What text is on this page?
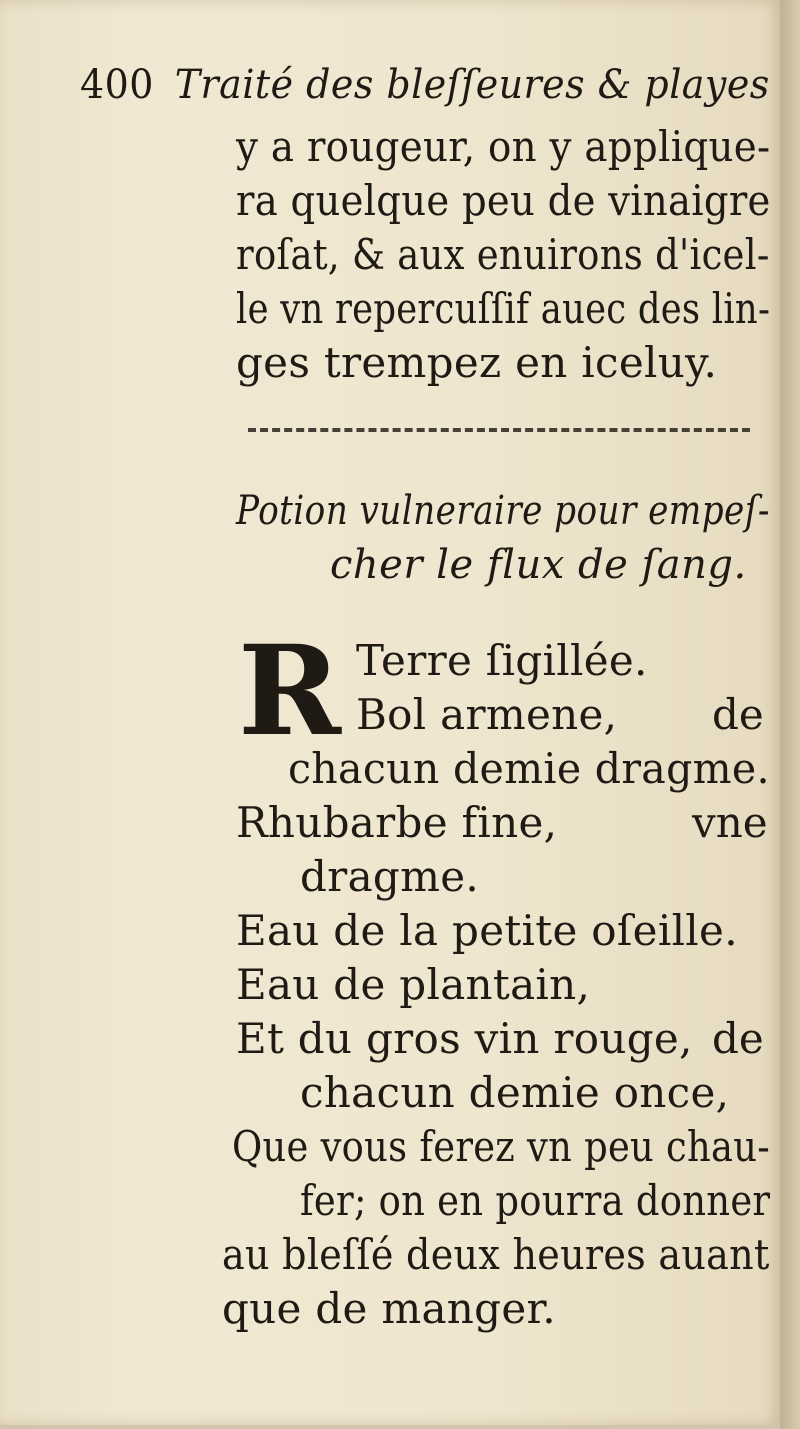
400 Traité des bleſſeures & playes
y a rougeur, on y applique-
ra quelque peu de vinaigre
roſat, & aux enuirons d'icel-
le vn repercuſſif auec des lin-
ges trempez en iceluy.
Potion vulneraire pour empeſ-
cher le flux de ſang.
R Terre ſigillée.
Bol armene, de
chacun demie dragme.
Rhubarbe fine,	vne
dragme.
Eau de la petite oſeille.
Eau de plantain,
Et du gros vin rouge, de
chacun demie once,
Que vous ferez vn peu chau-
fer; on en pourra donner
au bleſſé deux heures auant
que de manger.
